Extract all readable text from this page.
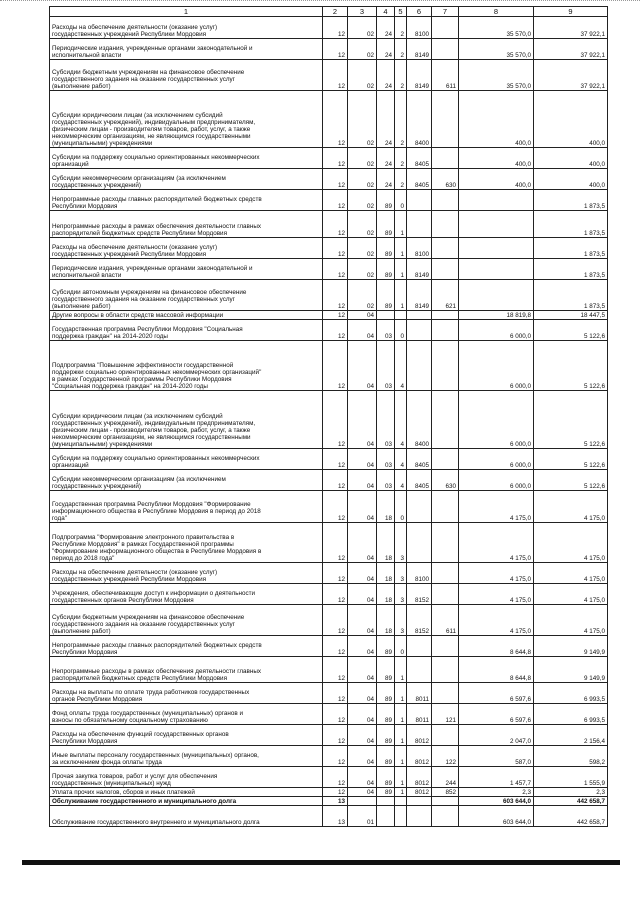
1	2	3	4	5	6	7	8	9
Расходы на обеспечение деятельности (оказание услуг)
государственных учреждений Республики Мордовия	12	02	24	2	8100		35 570,0	37 922,1
Периодические издания, учрежденные органами законодательной и
исполнительной власти	12	02	24	2	8149		35 570,0	37 922,1
Субсидии бюджетным учреждениям на финансовое обеспечение
государственного задания на оказание государственных услуг
(выполнение работ)	12	02	24	2	8149	611	35 570,0	37 922,1
Субсидии юридическим лицам (за исключением субсидий
государственных учреждений), индивидуальным предпринимателям,
физическим лицам - производителям товаров, работ, услуг, а также
некоммерческим организациям, не являющимся государственными
(муниципальными) учреждениями	12	02	24	2	8400		400,0	400,0
Субсидии на поддержку социально ориентированных некоммерческих
организаций	12	02	24	2	8405		400,0	400,0
Субсидии некоммерческим организациям (за исключением
государственных учреждений)	12	02	24	2	8405	630	400,0	400,0
Непрограммные расходы главных распорядителей бюджетных средств
Республики Мордовия	12	02	89	0				1 873,5
Непрограммные расходы в рамках обеспечения деятельности главных
распорядителей бюджетных средств Республики Мордовия	12	02	89	1				1 873,5
Расходы на обеспечение деятельности (оказание услуг)
государственных учреждений Республики Мордовия	12	02	89	1	8100			1 873,5
Периодические издания, учрежденные органами законодательной и
исполнительной власти	12	02	89	1	8149			1 873,5
Субсидии автономным учреждениям на финансовое обеспечение
государственного задания на оказание государственных услуг
(выполнение работ)	12	02	89	1	8149	621		1 873,5
Другие вопросы в области средств массовой информации	12	04					18 819,8	18 447,5
Государственная программа Республики Мордовия "Социальная
поддержка граждан" на 2014-2020 годы	12	04	03	0			6 000,0	5 122,6
Подпрограмма "Повышение эффективности государственной
поддержки социально ориентированных некоммерческих организаций"
в рамках Государственной программы Республики Мордовия
"Социальная поддержка граждан" на 2014-2020 годы	12	04	03	4			6 000,0	5 122,6
Субсидии юридическим лицам (за исключением субсидий
государственных учреждений), индивидуальным предпринимателям,
физическим лицам - производителям товаров, работ, услуг, а также
некоммерческим организациям, не являющимся государственными
(муниципальными) учреждениями	12	04	03	4	8400		6 000,0	5 122,6
Субсидии на поддержку социально ориентированных некоммерческих
организаций	12	04	03	4	8405		6 000,0	5 122,6
Субсидии некоммерческим организациям (за исключением
государственных учреждений)	12	04	03	4	8405	630	6 000,0	5 122,6
Государственная программа Республики Мордовия "Формирование
информационного общества в Республике Мордовия в период до 2018
года"	12	04	18	0			4 175,0	4 175,0
Подпрограмма "Формирование электронного правительства в
Республике Мордовия" в рамках Государственной программы
"Формирование информационного общества в Республике Мордовия в
период до 2018 года"	12	04	18	3			4 175,0	4 175,0
Расходы на обеспечение деятельности (оказание услуг)
государственных учреждений Республики Мордовия	12	04	18	3	8100		4 175,0	4 175,0
Учреждения, обеспечивающие доступ к информации о деятельности
государственных органов Республики Мордовия	12	04	18	3	8152		4 175,0	4 175,0
Субсидии бюджетным учреждениям на финансовое обеспечение
государственного задания на оказание государственных услуг
(выполнение работ)	12	04	18	3	8152	611	4 175,0	4 175,0
Непрограммные расходы главных распорядителей бюджетных средств
Республики Мордовия	12	04	89	0			8 644,8	9 149,9
Непрограммные расходы в рамках обеспечения деятельности главных
распорядителей бюджетных средств Республики Мордовия	12	04	89	1			8 644,8	9 149,9
Расходы на выплаты по оплате труда работников государственных
органов Республики Мордовия	12	04	89	1	8011		6 597,6	6 993,5
Фонд оплаты труда государственных (муниципальных) органов и
взносы по обязательному социальному страхованию	12	04	89	1	8011	121	6 597,6	6 993,5
Расходы на обеспечение функций государственных органов
Республики Мордовия	12	04	89	1	8012		2 047,0	2 156,4
Иные выплаты персоналу государственных (муниципальных) органов,
за исключением фонда оплаты труда	12	04	89	1	8012	122	587,0	598,2
Прочая закупка товаров, работ и услуг для обеспечения
государственных (муниципальных) нужд	12	04	89	1	8012	244	1 457,7	1 555,9
Уплата прочих налогов, сборов и иных платежей	12	04	89	1	8012	852	2,3	2,3
Обслуживание государственного и муниципального долга	13						603 644,0	442 658,7
Обслуживание государственного внутреннего и муниципального долга	13	01					603 644,0	442 658,7
